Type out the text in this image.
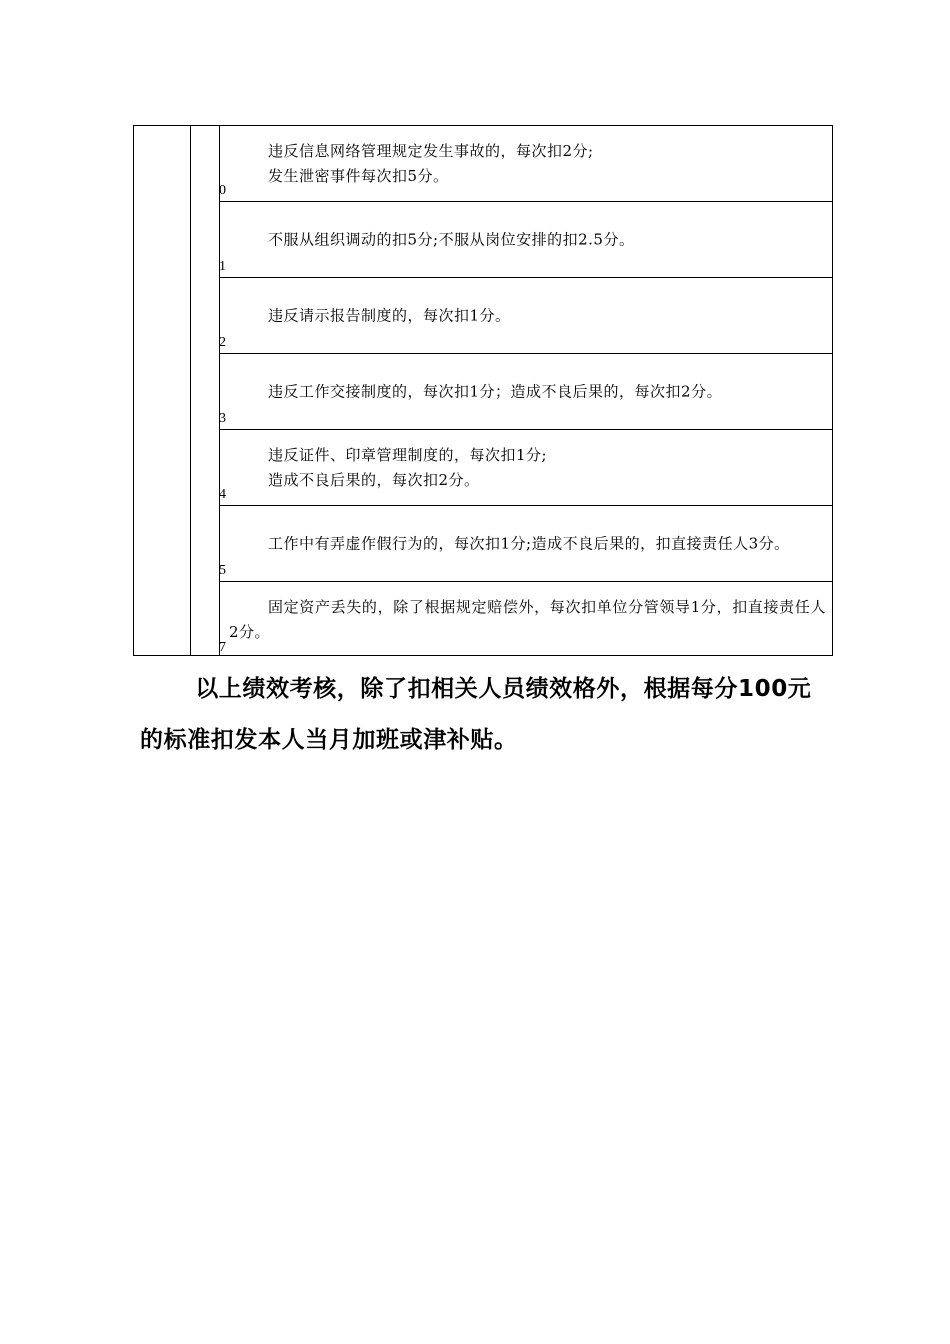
0

违反信息网络管理规定发生事故的，每次扣2分;

发生泄密事件每次扣5分。

1

不服从组织调动的扣5分;不服从岗位安排的扣2.5分。

2

违反请示报告制度的，每次扣1分。

3

违反工作交接制度的，每次扣1分；造成不良后果的，每次扣2分。

4

违反证件、印章管理制度的，每次扣1分;

造成不良后果的，每次扣2分。

5

工作中有弄虚作假行为的，每次扣1分;造成不良后果的，扣直接责任人3分。

7

固定资产丢失的，除了根据规定赔偿外，每次扣单位分管领导1分，扣直接责任人2分。

以上绩效考核，除了扣相关人员绩效格外，根据每分100元的标准扣发本人当月加班或津补贴。
